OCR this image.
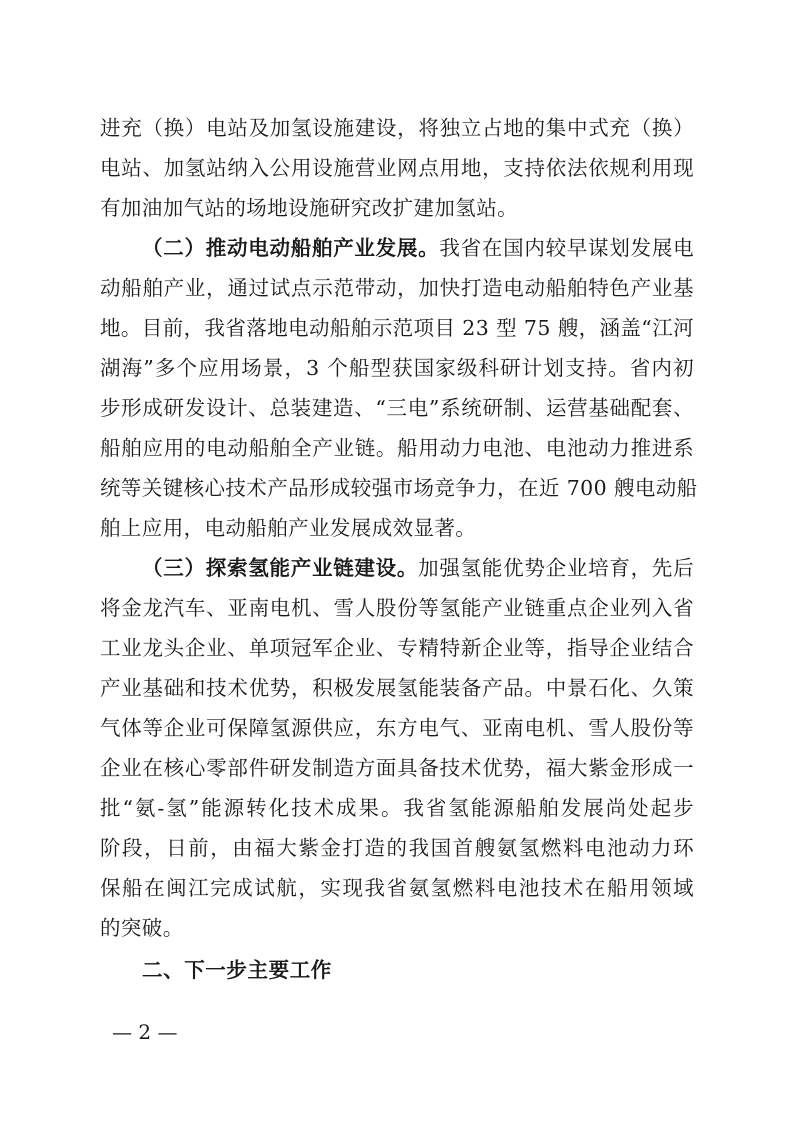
进充（换）电站及加氢设施建设，将独立占地的集中式充（换）
电站、加氢站纳入公用设施营业网点用地，支持依法依规利用现
有加油加气站的场地设施研究改扩建加氢站。
（二）推动电动船舶产业发展。我省在国内较早谋划发展电
动船舶产业，通过试点示范带动，加快打造电动船舶特色产业基
地。目前，我省落地电动船舶示范项目 23 型 75 艘，涵盖“江河
湖海”多个应用场景，3 个船型获国家级科研计划支持。省内初
步形成研发设计、总装建造、“三电”系统研制、运营基础配套、
船舶应用的电动船舶全产业链。船用动力电池、电池动力推进系
统等关键核心技术产品形成较强市场竞争力，在近 700 艘电动船
舶上应用，电动船舶产业发展成效显著。
（三）探索氢能产业链建设。加强氢能优势企业培育，先后
将金龙汽车、亚南电机、雪人股份等氢能产业链重点企业列入省
工业龙头企业、单项冠军企业、专精特新企业等，指导企业结合
产业基础和技术优势，积极发展氢能装备产品。中景石化、久策
气体等企业可保障氢源供应，东方电气、亚南电机、雪人股份等
企业在核心零部件研发制造方面具备技术优势，福大紫金形成一
批“氨-氢”能源转化技术成果。我省氢能源船舶发展尚处起步
阶段，日前，由福大紫金打造的我国首艘氨氢燃料电池动力环
保船在闽江完成试航，实现我省氨氢燃料电池技术在船用领域
的突破。
二、下一步主要工作
— 2 —
